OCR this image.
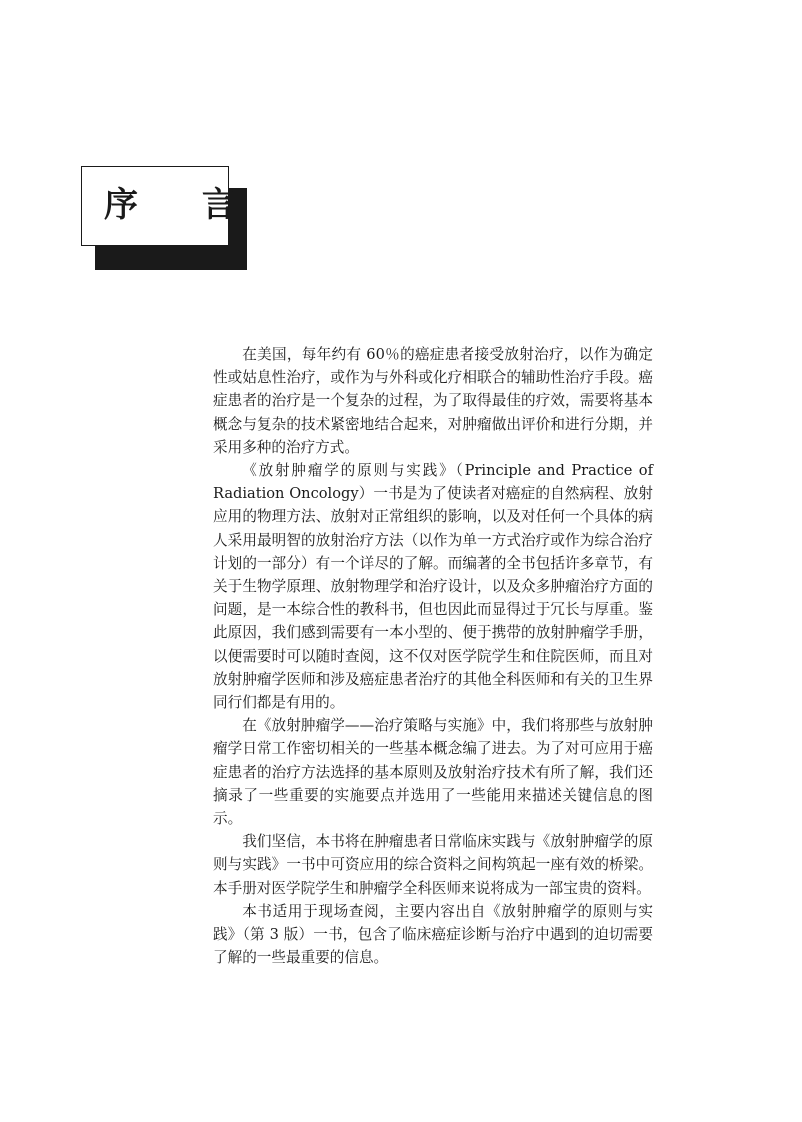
序 言

在美国，每年约有 60％的癌症患者接受放射治疗，以作为确定性或姑息性治疗，或作为与外科或化疗相联合的辅助性治疗手段。癌症患者的治疗是一个复杂的过程，为了取得最佳的疗效，需要将基本概念与复杂的技术紧密地结合起来，对肿瘤做出评价和进行分期，并采用多种的治疗方式。

《放射肿瘤学的原则与实践》（Principle and Practice of Radiation Oncology）一书是为了使读者对癌症的自然病程、放射应用的物理方法、放射对正常组织的影响，以及对任何一个具体的病人采用最明智的放射治疗方法（以作为单一方式治疗或作为综合治疗计划的一部分）有一个详尽的了解。而编著的全书包括许多章节，有关于生物学原理、放射物理学和治疗设计，以及众多肿瘤治疗方面的问题，是一本综合性的教科书，但也因此而显得过于冗长与厚重。鉴此原因，我们感到需要有一本小型的、便于携带的放射肿瘤学手册，以便需要时可以随时查阅，这不仅对医学院学生和住院医师，而且对放射肿瘤学医师和涉及癌症患者治疗的其他全科医师和有关的卫生界同行们都是有用的。

在《放射肿瘤学——治疗策略与实施》中，我们将那些与放射肿瘤学日常工作密切相关的一些基本概念编了进去。为了对可应用于癌症患者的治疗方法选择的基本原则及放射治疗技术有所了解，我们还摘录了一些重要的实施要点并选用了一些能用来描述关键信息的图示。

我们坚信，本书将在肿瘤患者日常临床实践与《放射肿瘤学的原则与实践》一书中可资应用的综合资料之间构筑起一座有效的桥梁。本手册对医学院学生和肿瘤学全科医师来说将成为一部宝贵的资料。

本书适用于现场查阅，主要内容出自《放射肿瘤学的原则与实践》（第 3 版）一书，包含了临床癌症诊断与治疗中遇到的迫切需要了解的一些最重要的信息。
